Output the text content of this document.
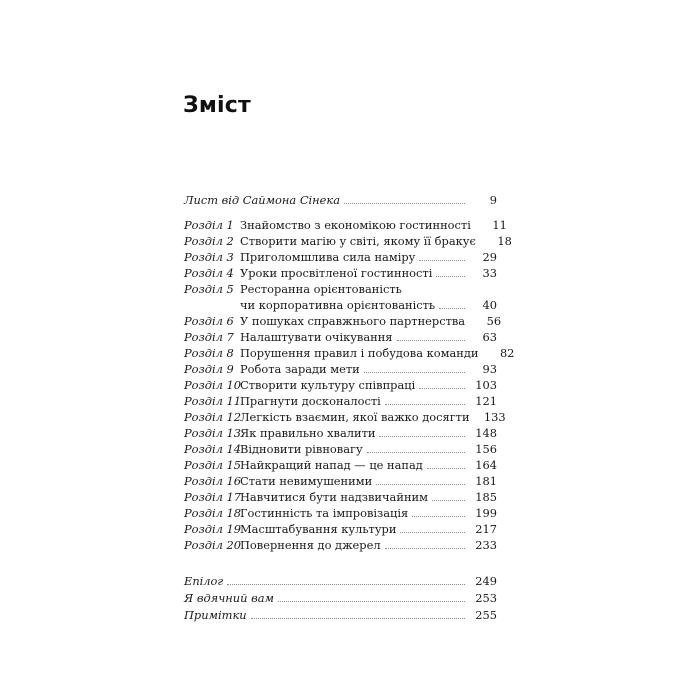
Зміст
Лист від Саймона Сінека	9
Розділ 1 Знайомство з економікою гостинності	11
Розділ 2 Створити магію у світі, якому її бракує	18
Розділ 3 Приголомшлива сила наміру	29
Розділ 4 Уроки просвітленої гостинності	33
Розділ 5 Ресторанна орієнтованість
чи корпоративна орієнтованість	40
Розділ 6 У пошуках справжнього партнерства	56
Розділ 7 Налаштувати очікування	63
Розділ 8 Порушення правил і побудова команди	82
Розділ 9 Робота заради мети	93
Розділ 10 Створити культуру співпраці	103
Розділ 11 Прагнути досконалості	121
Розділ 12 Легкість взаємин, якої важко досягти	133
Розділ 13 Як правильно хвалити	148
Розділ 14 Відновити рівновагу	156
Розділ 15 Найкращий напад — це напад	164
Розділ 16 Стати невимушеними	181
Розділ 17 Навчитися бути надзвичайним	185
Розділ 18 Гостинність та імпровізація	199
Розділ 19 Масштабування культури	217
Розділ 20 Повернення до джерел	233
Епілог	249
Я вдячний вам	253
Примітки	255
